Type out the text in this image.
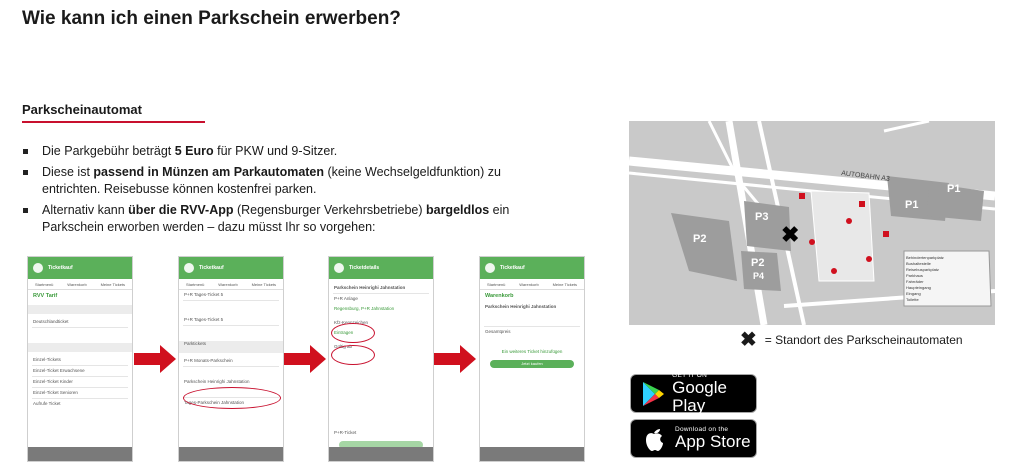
Wie kann ich einen Parkschein erwerben?
Parkscheinautomat
Die Parkgebühr beträgt 5 Euro für PKW und 9-Sitzer.
Diese ist passend in Münzen am Parkautomaten (keine Wechselgeldfunktion) zu entrichten. Reisebusse können kostenfrei parken.
Alternativ kann über die RVV-App (Regensburger Verkehrsbetriebe) bargeldlos ein Parkschein erworben werden – dazu müsst Ihr so vorgehen:
Ticketkauf
Startmenü	Warenkorb	Meine Tickets
RVV Tarif
Deutschlandticket
Einzel-Tickets
Einzel-Ticket Erwachsene
Einzel-Ticket Kinder
Einzel-Ticket Senioren
Aufrufe Ticket
Ticketkauf
Startmenü	Warenkorb	Meine Tickets
P+R Tages-Ticket 5
P+R Tages-Ticket 5
Parktickets
P+R Monats-Parkschein
Parkschein Heinrighi Jahnstation
Tages-Parkschein Jahnstation
Ticketdetails
Parkschein Heinrighi Jahnstation
P+R Anlage
Regensburg, P+R Jahnstation
Kfz-Kennzeichen
Eintragen
Gültig ab
P+R-Ticket
Ticketkauf
Startmenü	Warenkorb	Meine Tickets
Warenkorb
Parkschein Heinrighi Jahnstation
Gesamtpreis
Ein weiteres Ticket hinzufügen
Jetzt kaufen
✖
AUTOBAHN A3
P1
P1
P2
P3
P2
P4
Behindertenparkplatz
Bushaltestelle
Reisebusparkplatz
Parkhaus
Fahrräder
Haupteingang
Eingang
Toilette
✖ = Standort des Parkscheinautomaten
GET IT ON
Google Play
Download on the
App Store
